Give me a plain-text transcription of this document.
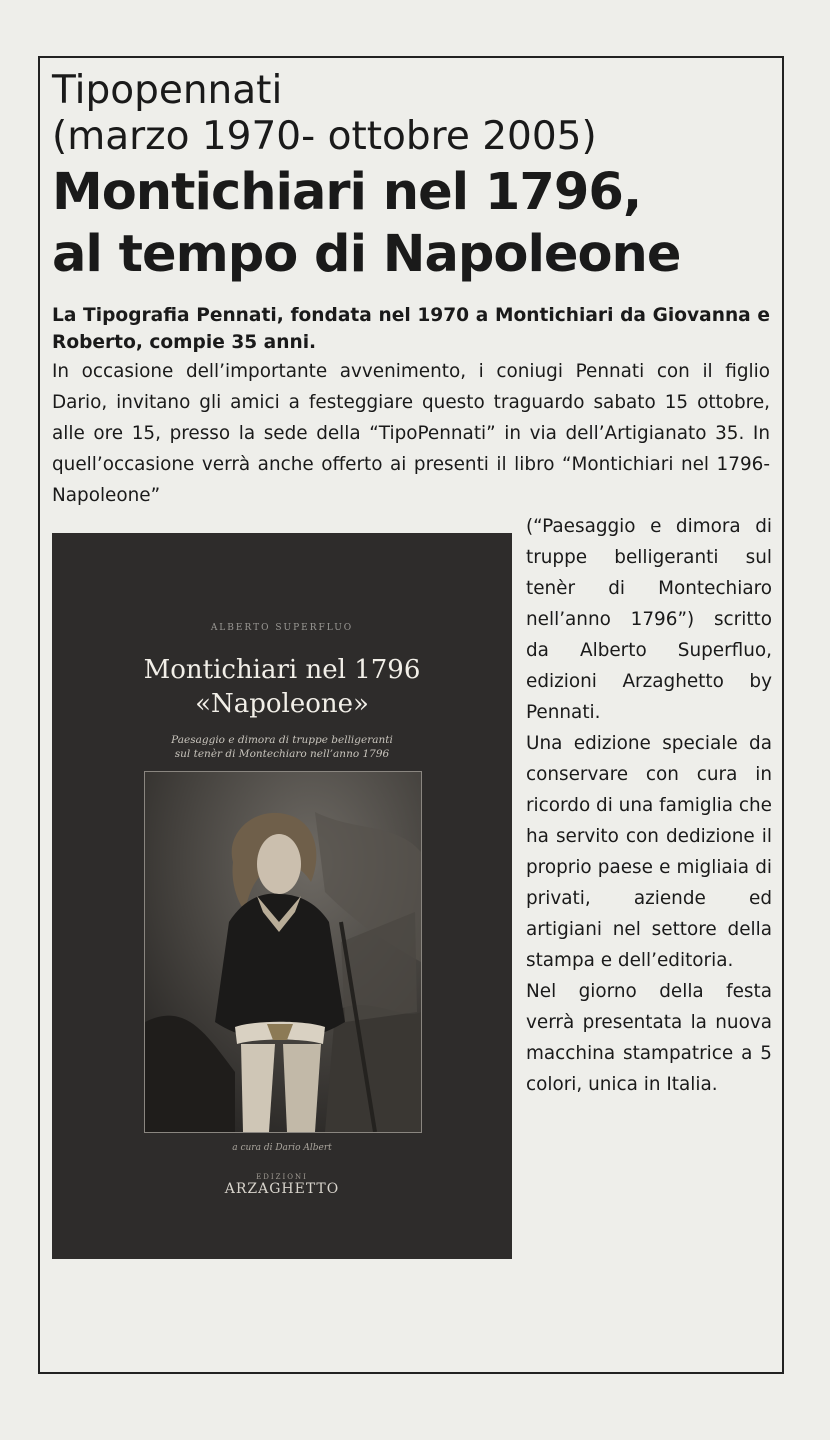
Tipopennati
(marzo 1970- ottobre 2005)

Montichiari nel 1796,
al tempo di Napoleone

La Tipografia Pennati, fondata nel 1970 a Montichiari da Giovanna e Roberto, compie 35 anni.

In occasione dell’importante avvenimento, i coniugi Pennati con il figlio Dario, invitano gli amici a festeggiare questo traguardo sabato 15 ottobre, alle ore 15, presso la sede della “TipoPennati” in via dell’Artigianato 35. In quell’occasione verrà anche offerto ai presenti il libro “Montichiari nel 1796-Napoleone”

ALBERTO SUPERFLUO
Montichiari nel 1796
«Napoleone»
Paesaggio e dimora di truppe belligeranti
sul tenèr di Montechiaro nell’anno 1796
a cura di Dario Albert
EDIZIONI
ARZAGHETTO

(“Paesaggio e dimora di truppe belligeranti sul tenèr di Montechiaro nell’anno 1796”) scritto da Alberto Superfluo, edizioni Arzaghetto by Pennati.

Una edizione speciale da conservare con cura in ricordo di una famiglia che ha servito con dedizione il proprio paese e migliaia di privati, aziende ed artigiani nel settore della stampa e dell’editoria.

Nel giorno della festa verrà presentata la nuova macchina stampatrice a 5 colori, unica in Italia.
